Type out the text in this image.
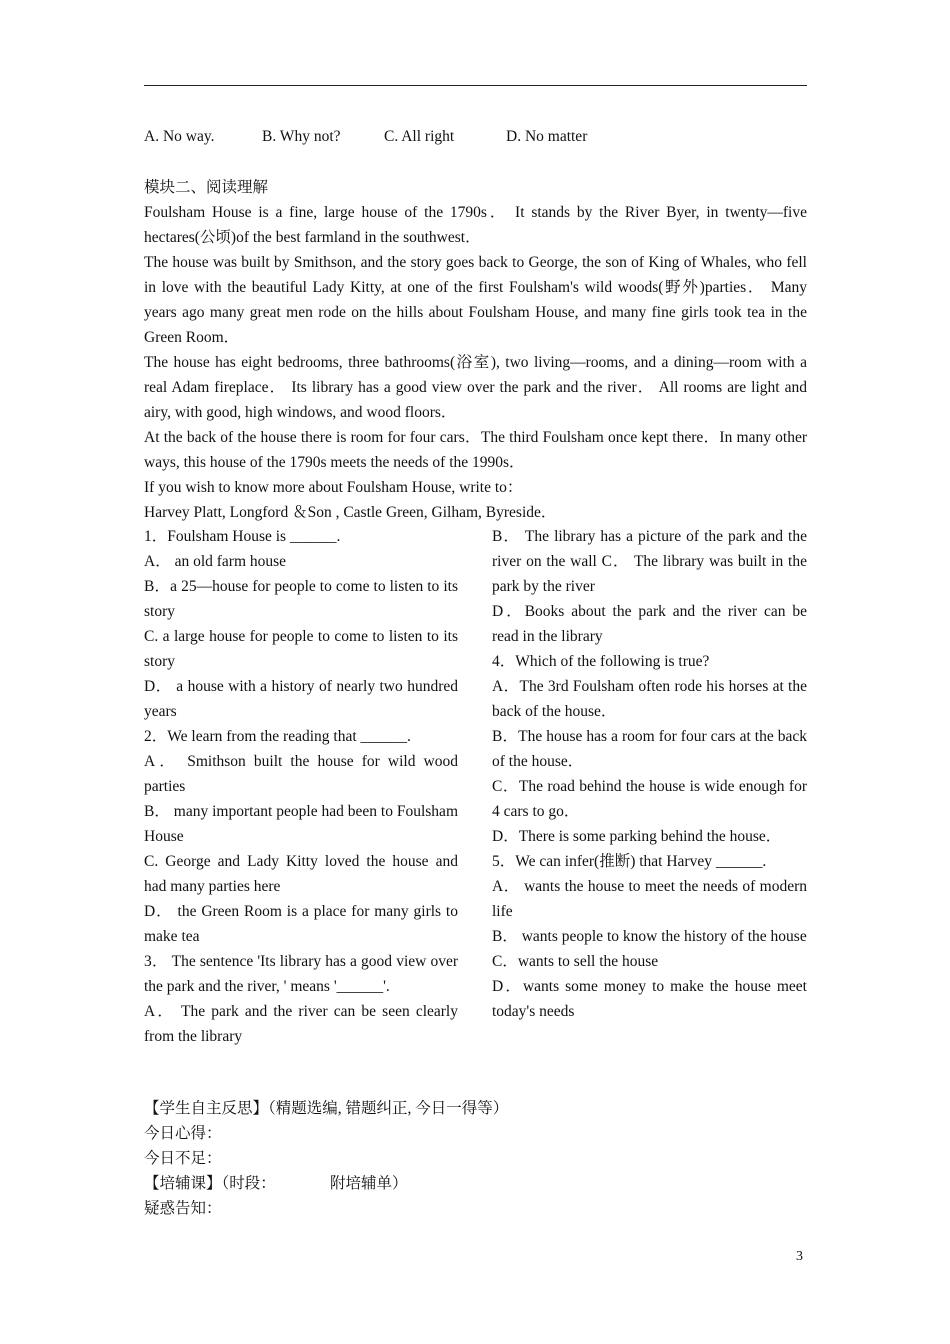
A. No way.	B. Why not?	C. All right	D. No matter
模块二、阅读理解

Foulsham House is a fine, large house of the 1790s． It stands by the River Byer, in twenty—five hectares(公顷)of the best farmland in the southwest．

The house was built by Smithson, and the story goes back to George, the son of King of Whales, who fell in love with the beautiful Lady Kitty, at one of the first Foulsham's wild woods(野外)parties． Many years ago many great men rode on the hills about Foulsham House, and many fine girls took tea in the Green Room．

The house has eight bedrooms, three bathrooms(浴室), two living—rooms, and a dining—room with a real Adam fireplace． Its library has a good view over the park and the river． All rooms are light and airy, with good, high windows, and wood floors．

At the back of the house there is room for four cars．The third Foulsham once kept there．In many other ways, this house of the 1790s meets the needs of the 1990s．

If you wish to know more about Foulsham House, write to：

Harvey Platt, Longford ＆Son , Castle Green, Gilham, Byreside．

1．Foulsham House is ______.

A． an old farm house

B．a 25—house for people to come to listen to its story

C. a large house for people to come to listen to its story

D． a house with a history of nearly two hundred years

2．We learn from the reading that ______.

A． Smithson built the house for wild wood parties

B． many important people had been to Foulsham House

C. George and Lady Kitty loved the house and had many parties here

D． the Green Room is a place for many girls to make tea

3． The sentence 'Its library has a good view over the park and the river, ' means '______'.

A． The park and the river can be seen clearly from the library

B． The library has a picture of the park and the river on the wall C． The library was built in the park by the river

D．Books about the park and the river can be read in the library

4．Which of the following is true?

A．The 3rd Foulsham often rode his horses at the back of the house．

B．The house has a room for four cars at the back of the house．

C．The road behind the house is wide enough for 4 cars to go．

D．There is some parking behind the house．

5．We can infer(推断) that Harvey ______.

A． wants the house to meet the needs of modern life

B． wants people to know the history of the house

C．wants to sell the house

D．wants some money to make the house meet today's needs

【学生自主反思】（精题选编, 错题纠正, 今日一得等）

今日心得：

今日不足：

【培辅课】（时段：              附培辅单）

疑惑告知：

3
